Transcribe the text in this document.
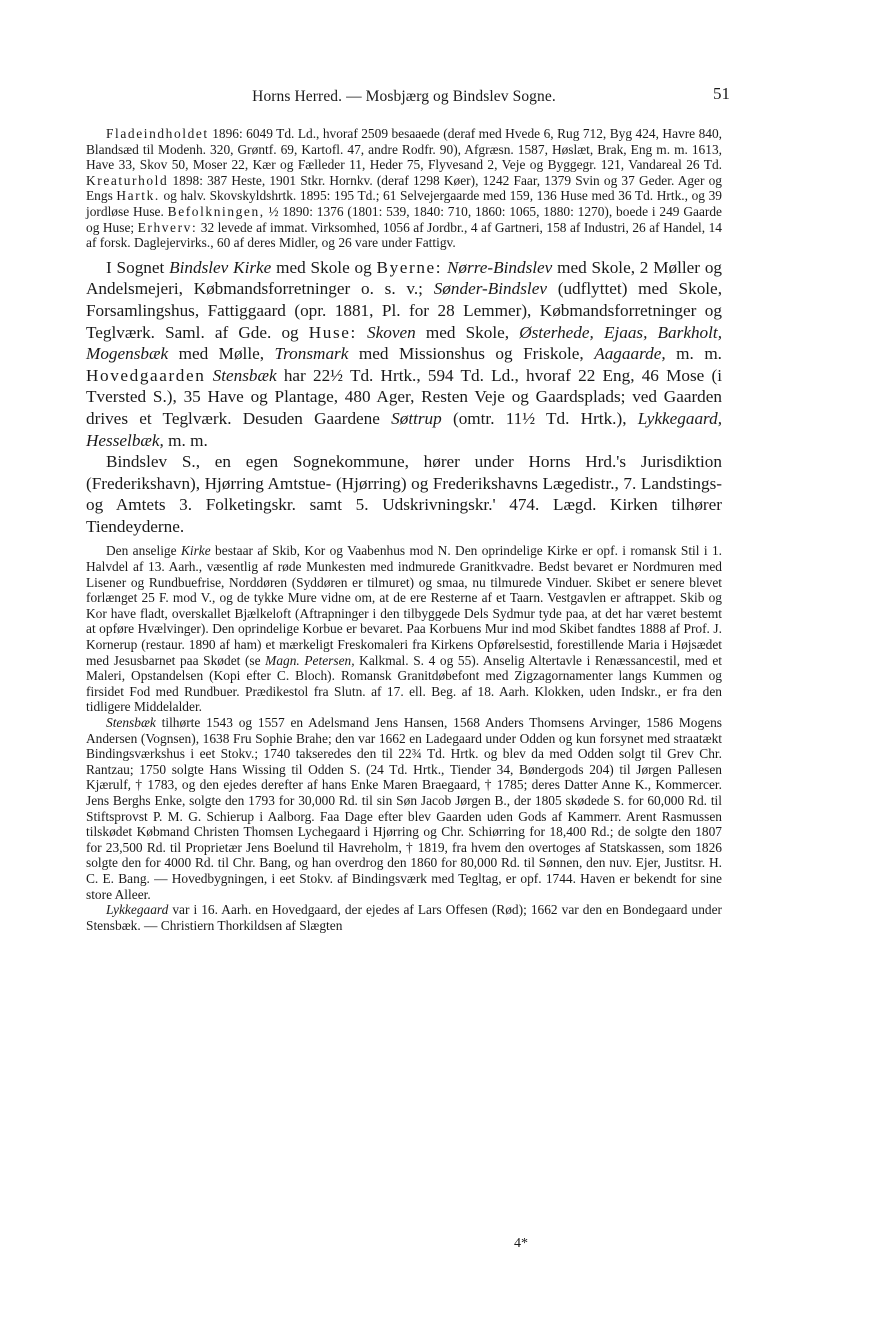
Horns Herred. — Mosbjærg og Bindslev Sogne.	51

Fladeindholdet 1896: 6049 Td. Ld., hvoraf 2509 besaaede (deraf med Hvede 6, Rug 712, Byg 424, Havre 840, Blandsæd til Modenh. 320, Grøntf. 69, Kartofl. 47, andre Rodfr. 90), Afgræsn. 1587, Høslæt, Brak, Eng m. m. 1613, Have 33, Skov 50, Moser 22, Kær og Fælleder 11, Heder 75, Flyvesand 2, Veje og Byggegr. 121, Vandareal 26 Td. Kreaturhold 1898: 387 Heste, 1901 Stkr. Hornkv. (deraf 1298 Køer), 1242 Faar, 1379 Svin og 37 Geder. Ager og Engs Hartk. og halv. Skovskyldshrtk. 1895: 195 Td.; 61 Selvejergaarde med 159, 136 Huse med 36 Td. Hrtk., og 39 jordløse Huse. Befolkningen, ½ 1890: 1376 (1801: 539, 1840: 710, 1860: 1065, 1880: 1270), boede i 249 Gaarde og Huse; Erhverv: 32 levede af immat. Virksomhed, 1056 af Jordbr., 4 af Gartneri, 158 af Industri, 26 af Handel, 14 af forsk. Daglejervirks., 60 af deres Midler, og 26 vare under Fattigv.

I Sognet Bindslev Kirke med Skole og Byerne: Nørre-Bindslev med Skole, 2 Møller og Andelsmejeri, Købmandsforretninger o. s. v.; Sønder-Bindslev (udflyttet) med Skole, Forsamlingshus, Fattiggaard (opr. 1881, Pl. for 28 Lemmer), Købmandsforretninger og Teglværk. Saml. af Gde. og Huse: Skoven med Skole, Østerhede, Ejaas, Barkholt, Mogensbæk med Mølle, Tronsmark med Missionshus og Friskole, Aagaarde, m. m. Hovedgaarden Stensbæk har 22½ Td. Hrtk., 594 Td. Ld., hvoraf 22 Eng, 46 Mose (i Tversted S.), 35 Have og Plantage, 480 Ager, Resten Veje og Gaardsplads; ved Gaarden drives et Teglværk. Desuden Gaardene Søttrup (omtr. 11½ Td. Hrtk.), Lykkegaard, Hesselbæk, m. m.

Bindslev S., en egen Sognekommune, hører under Horns Hrd.'s Jurisdiktion (Frederikshavn), Hjørring Amtstue- (Hjørring) og Frederikshavns Lægedistr., 7. Landstings- og Amtets 3. Folketingskr. samt 5. Udskrivningskr.' 474. Lægd. Kirken tilhører Tiendeyderne.

Den anselige Kirke bestaar af Skib, Kor og Vaabenhus mod N. Den oprindelige Kirke er opf. i romansk Stil i 1. Halvdel af 13. Aarh., væsentlig af røde Munkesten med indmurede Granitkvadre. Bedst bevaret er Nordmuren med Lisener og Rundbuefrise, Norddøren (Syddøren er tilmuret) og smaa, nu tilmurede Vinduer. Skibet er senere blevet forlænget 25 F. mod V., og de tykke Mure vidne om, at de ere Resterne af et Taarn. Vestgavlen er aftrappet. Skib og Kor have fladt, overskallet Bjælkeloft (Aftrapninger i den tilbyggede Dels Sydmur tyde paa, at det har været bestemt at opføre Hvælvinger). Den oprindelige Korbue er bevaret. Paa Korbuens Mur ind mod Skibet fandtes 1888 af Prof. J. Kornerup (restaur. 1890 af ham) et mærkeligt Freskomaleri fra Kirkens Opførelsestid, forestillende Maria i Højsædet med Jesusbarnet paa Skødet (se Magn. Petersen, Kalkmal. S. 4 og 55). Anselig Altertavle i Renæssancestil, med et Maleri, Opstandelsen (Kopi efter C. Bloch). Romansk Granitdøbefont med Zigzagornamenter langs Kummen og firsidet Fod med Rundbuer. Prædikestol fra Slutn. af 17. ell. Beg. af 18. Aarh. Klokken, uden Indskr., er fra den tidligere Middelalder.

Stensbæk tilhørte 1543 og 1557 en Adelsmand Jens Hansen, 1568 Anders Thomsens Arvinger, 1586 Mogens Andersen (Vognsen), 1638 Fru Sophie Brahe; den var 1662 en Ladegaard under Odden og kun forsynet med straatækt Bindingsværkshus i eet Stokv.; 1740 takseredes den til 22¾ Td. Hrtk. og blev da med Odden solgt til Grev Chr. Rantzau; 1750 solgte Hans Wissing til Odden S. (24 Td. Hrtk., Tiender 34, Bøndergods 204) til Jørgen Pallesen Kjærulf, † 1783, og den ejedes derefter af hans Enke Maren Braegaard, † 1785; deres Datter Anne K., Kommercer. Jens Berghs Enke, solgte den 1793 for 30,000 Rd. til sin Søn Jacob Jørgen B., der 1805 skødede S. for 60,000 Rd. til Stiftsprovst P. M. G. Schierup i Aalborg. Faa Dage efter blev Gaarden uden Gods af Kammerr. Arent Rasmussen tilskødet Købmand Christen Thomsen Lychegaard i Hjørring og Chr. Schiørring for 18,400 Rd.; de solgte den 1807 for 23,500 Rd. til Proprietær Jens Boelund til Havreholm, † 1819, fra hvem den overtoges af Statskassen, som 1826 solgte den for 4000 Rd. til Chr. Bang, og han overdrog den 1860 for 80,000 Rd. til Sønnen, den nuv. Ejer, Justitsr. H. C. E. Bang. — Hovedbygningen, i eet Stokv. af Bindingsværk med Tegltag, er opf. 1744. Haven er bekendt for sine store Alleer.

Lykkegaard var i 16. Aarh. en Hovedgaard, der ejedes af Lars Offesen (Rød); 1662 var den en Bondegaard under Stensbæk. — Christiern Thorkildsen af Slægten

4*
